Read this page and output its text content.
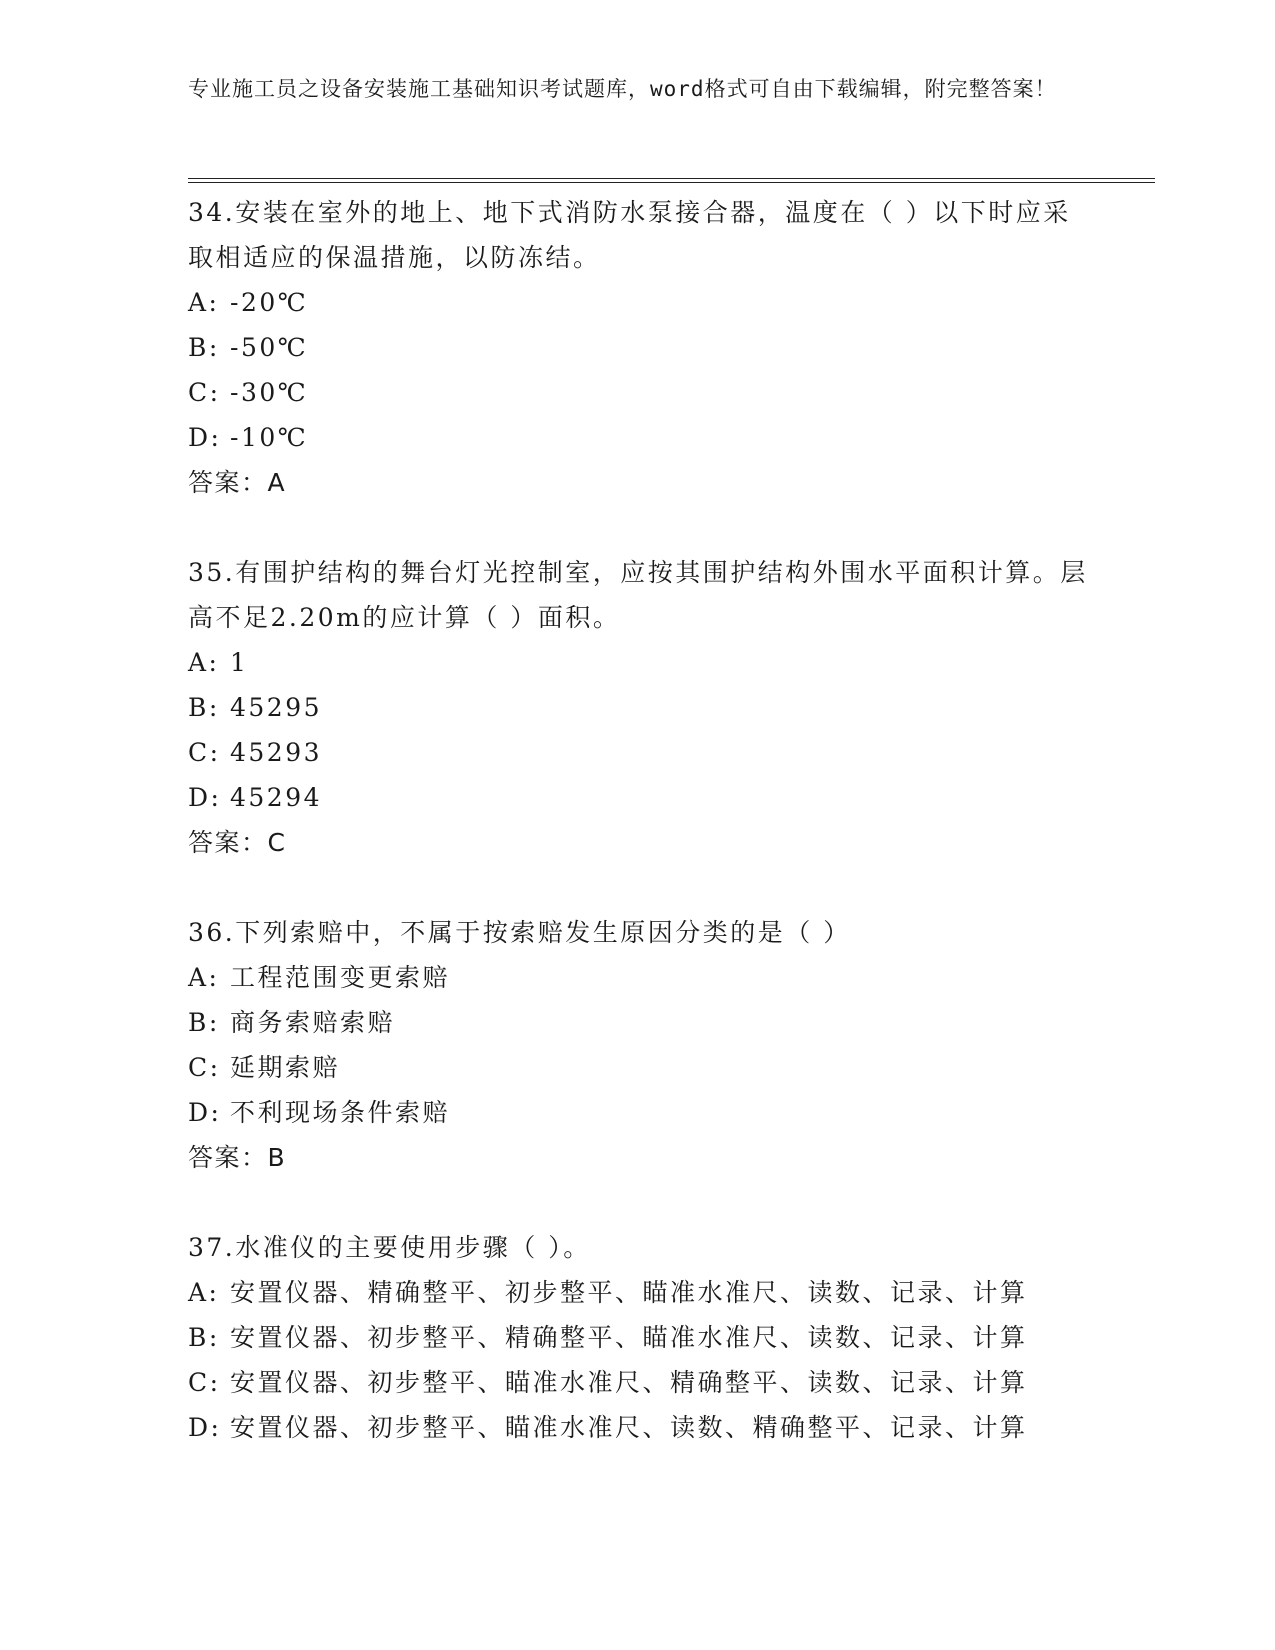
专业施工员之设备安装施工基础知识考试题库，word格式可自由下载编辑，附完整答案！

34.安装在室外的地上、地下式消防水泵接合器，温度在（ ）以下时应采取相适应的保温措施，以防冻结。

A: -20℃

B: -50℃

C: -30℃

D: -10℃

答案：A

35.有围护结构的舞台灯光控制室，应按其围护结构外围水平面积计算。层高不足2.20m的应计算（ ）面积。

A: 1

B: 45295

C: 45293

D: 45294

答案：C

36.下列索赔中，不属于按索赔发生原因分类的是（ ）

A: 工程范围变更索赔

B: 商务索赔索赔

C: 延期索赔

D: 不利现场条件索赔

答案：B

37.水准仪的主要使用步骤（ ）。

A: 安置仪器、精确整平、初步整平、瞄准水准尺、读数、记录、计算

B: 安置仪器、初步整平、精确整平、瞄准水准尺、读数、记录、计算

C: 安置仪器、初步整平、瞄准水准尺、精确整平、读数、记录、计算

D: 安置仪器、初步整平、瞄准水准尺、读数、精确整平、记录、计算
